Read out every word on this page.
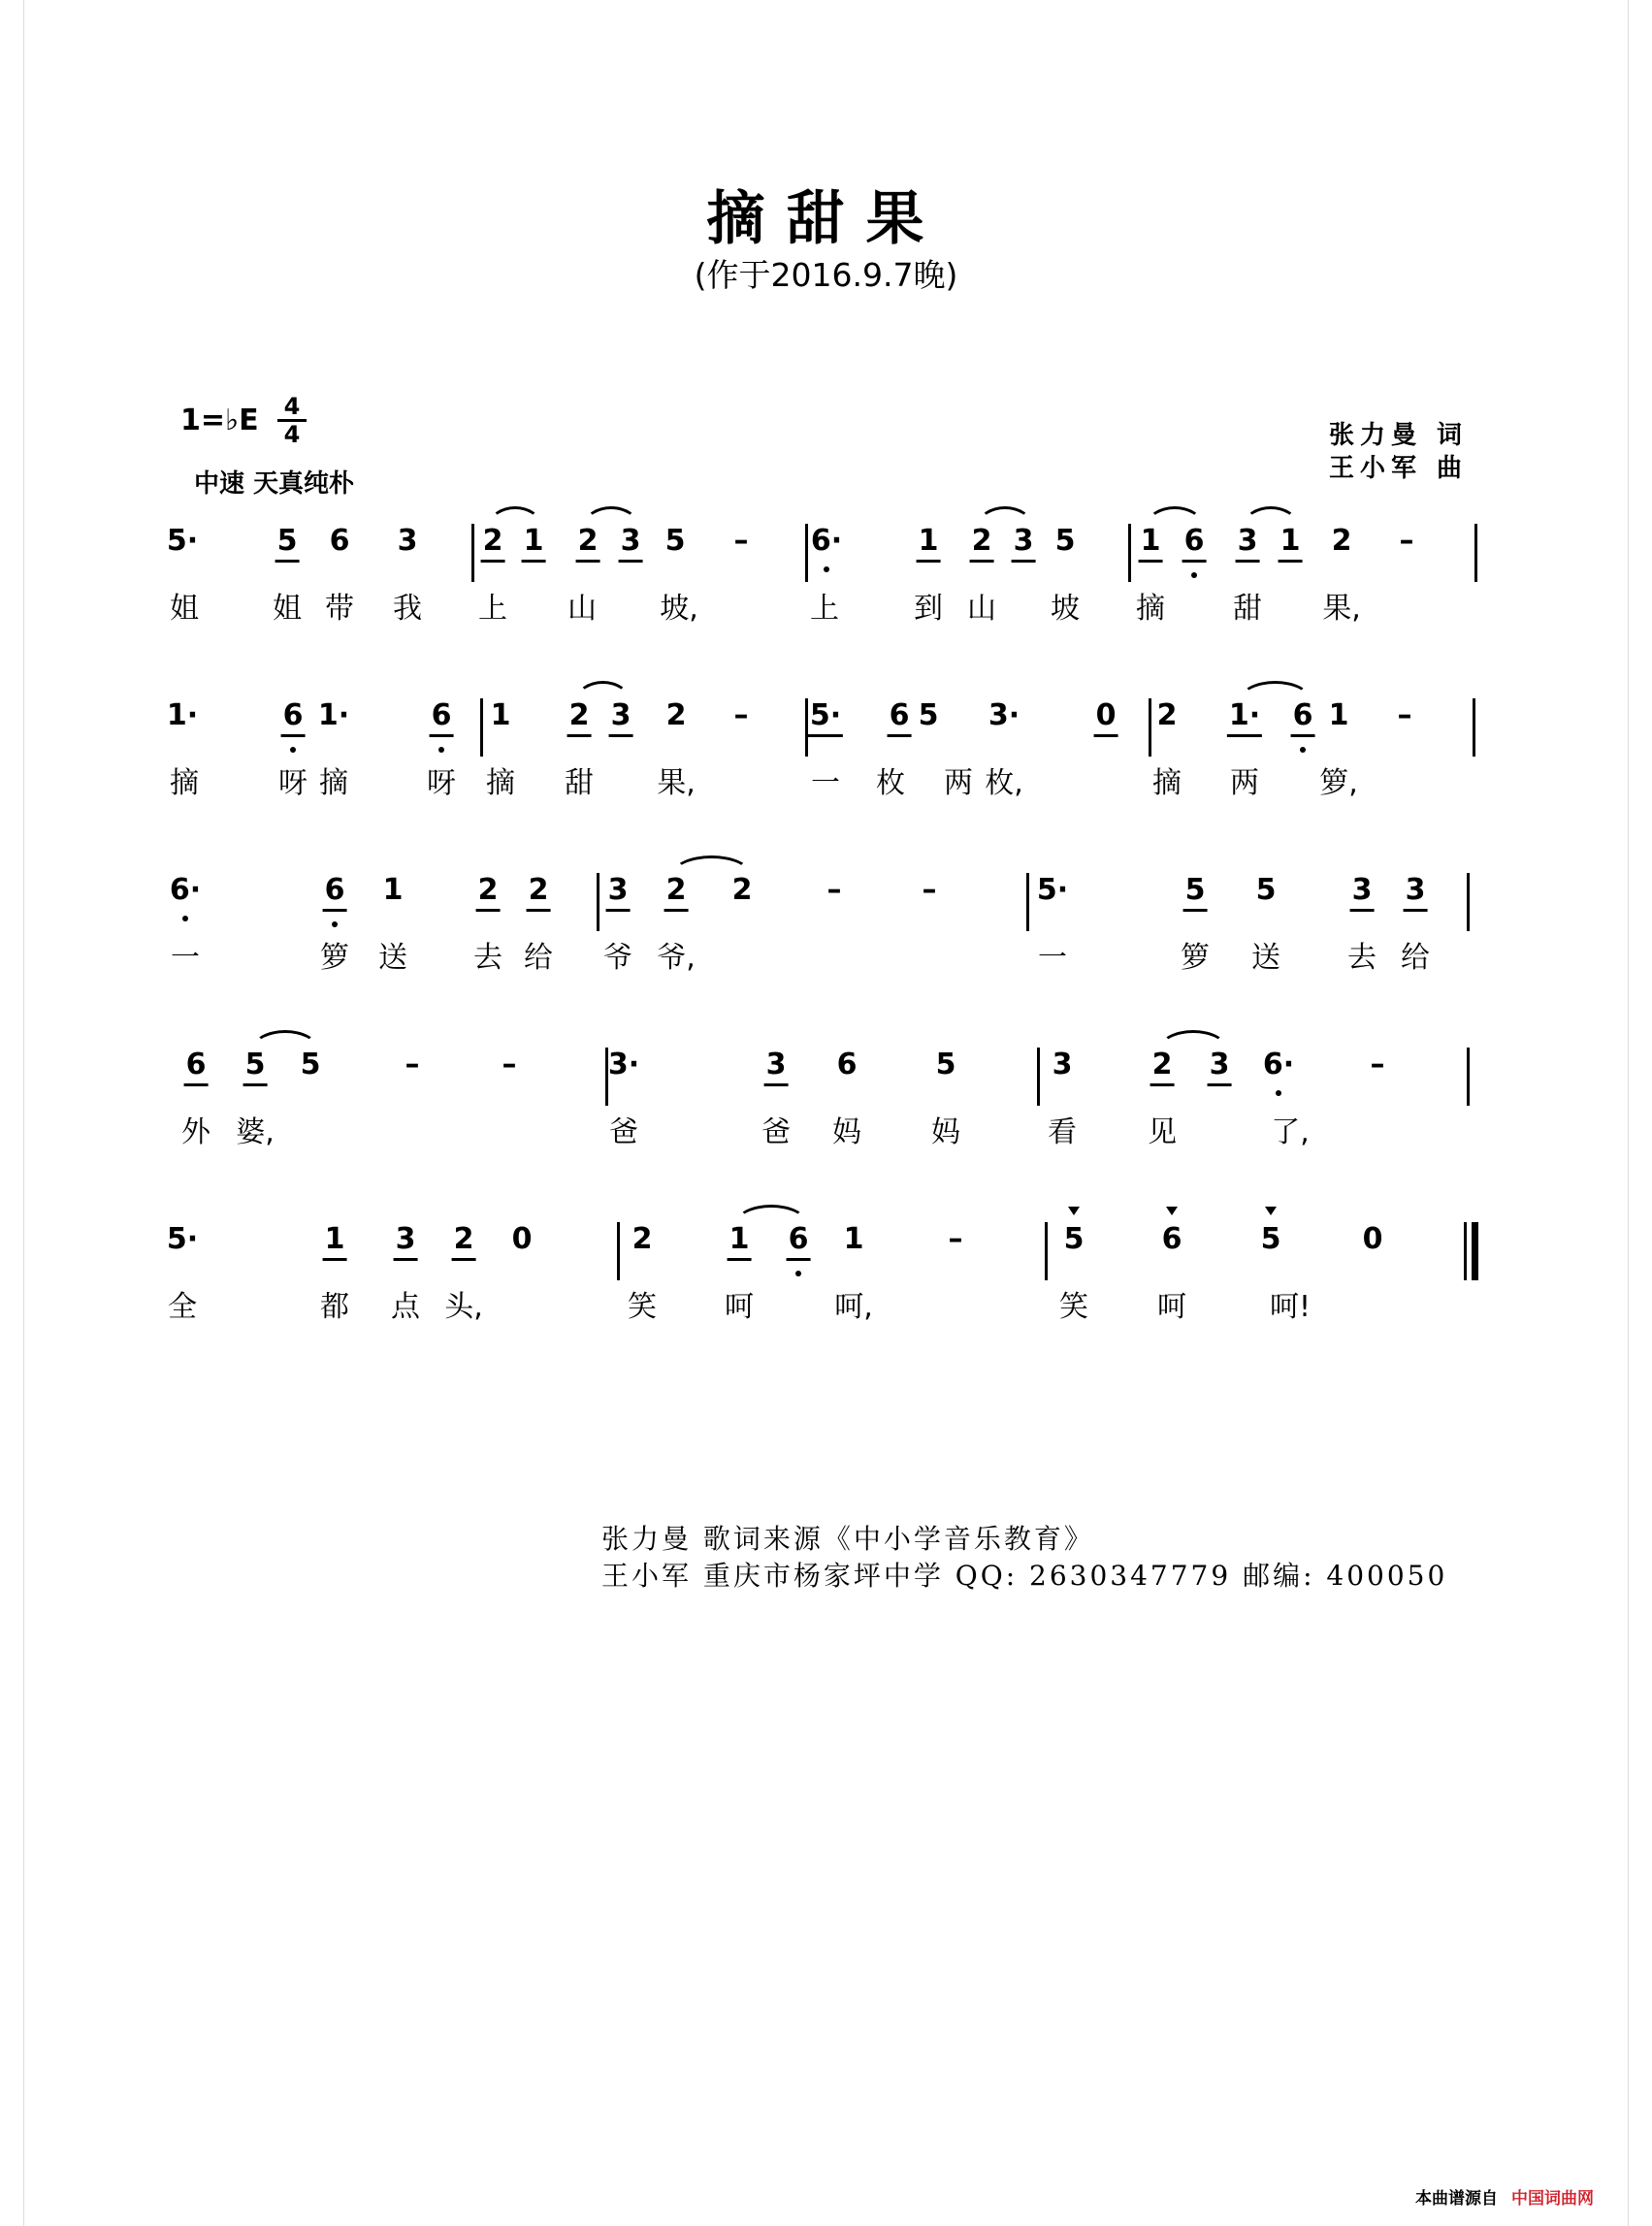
摘甜果
(作于2016.9.7晚)
1=♭E 4
4
中速 天真纯朴
张力曼 词
王小军 曲
5·	5 6 3 2 1 2 3 5 – 6·	1 2 3 5 1 6 3 1 2 –
姐	姐 带 我 上 山 坡,	上	到 山 坡 摘 甜 果,
1·	6 1·	6 1 2 3 2 – 5· 6 5 3·	0 2 1· 6 1 –
摘	呀 摘	呀 摘 甜 果,	一 枚 两 枚,	摘 两 箩,
6·	6 1	2 2 3 2 2	–	–	5·	5 5	3 3
一	箩 送 去 给 爷 爷,	一	箩 送 去 给
6 5 5	–	–	3·	3 6	5	3	2 3 6·	–
外 婆,	爸	爸 妈 妈	看 见	了,
5·	1 3 2 0	2	1 6 1	–	5	6	5	0
全	都 点 头,	笑 呵	呵,	笑 呵	呵!
张力曼 歌词来源《中小学音乐教育》
王小军 重庆市杨家坪中学 QQ: 2630347779 邮编: 400050
本曲谱源自 中国词曲网
